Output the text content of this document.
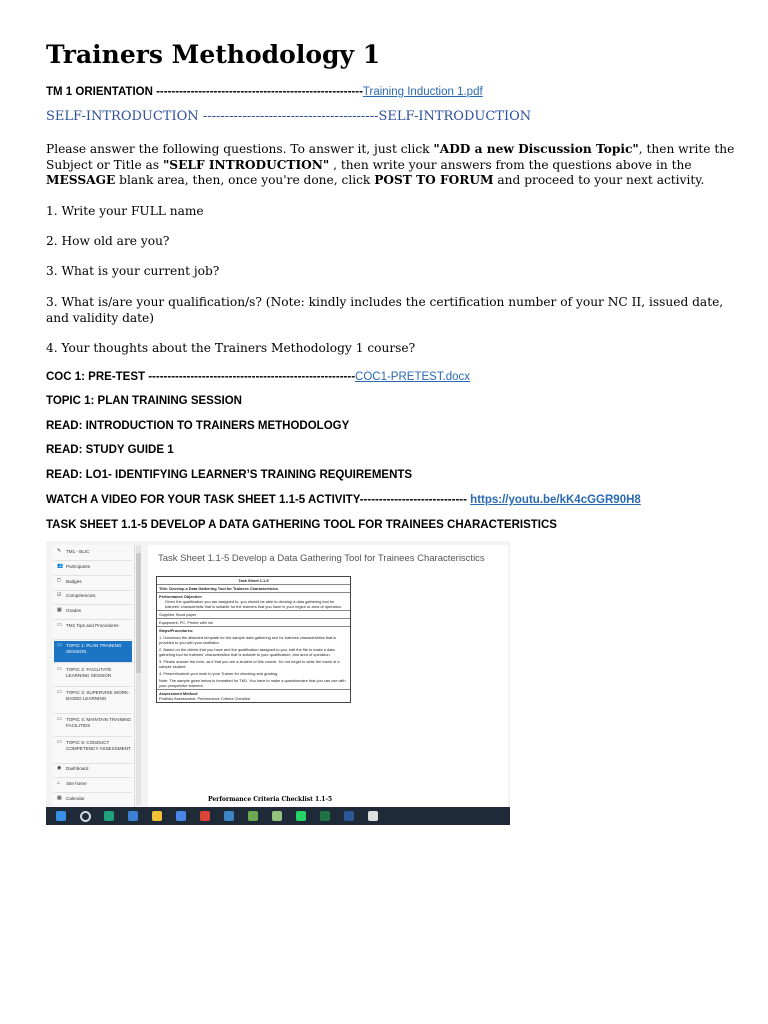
Trainers Methodology 1
TM 1 ORIENTATION ------------------------------------------------------Training Induction 1.pdf
SELF-INTRODUCTION ----------------------------------------SELF-INTRODUCTION
Please answer the following questions. To answer it, just click "ADD a new Discussion Topic", then write the Subject or Title as "SELF INTRODUCTION" , then write your answers from the questions above in the MESSAGE blank area, then, once you're done, click POST TO FORUM and proceed to your next activity.
1. Write your FULL name
2. How old are you?
3. What is your current job?
3. What is/are your qualification/s? (Note: kindly includes the certification number of your NC II, issued date, and validity date)
4. Your thoughts about the Trainers Methodology 1 course?
COC 1: PRE-TEST ------------------------------------------------------COC1-PRETEST.docx
TOPIC 1: PLAN TRAINING SESSION
READ: INTRODUCTION TO TRAINERS METHODOLOGY
READ: STUDY GUIDE 1
READ: LO1- IDENTIFYING LEARNER’S TRAINING REQUIREMENTS
WATCH A VIDEO FOR YOUR TASK SHEET 1.1-5 ACTIVITY---------------------------- https://youtu.be/kK4cGGR90H8
TASK SHEET 1.1-5 DEVELOP A DATA GATHERING TOOL FOR TRAINEES CHARACTERISTICS
✎ TM1 - BLIC
👥 Participants
⛉ Badges
☑ Competencies
▦ Grades
▭ TM1 Tips and Procedures
▭ TOPIC 1: PLAN TRAINING SESSION
▭ TOPIC 2: FACILITATE LEARNING SESSION
▭ TOPIC 3: SUPERVISE WORK-BASED LEARNING
▭ TOPIC 4: MAINTAIN TRAINING FACILITIES
▭ TOPIC 5: CONDUCT COMPETENCY ASSESSMENT
◉ Dashboard
⌂ Site home
▦ Calendar
Task Sheet 1.1-5 Develop a Data Gathering Tool for Trainees Characterisctics
Task Sheet 1.1-5
Title: Develop a Data Gathering Tool for Trainees Characteristics
Performance Objective:
Given the qualification you are assigned to, you should be able to develop a data gathering tool for trainees' characteristic that is suitable for the learners that you have in your region or area of operation.
Supplies: Bond paper
Equipment: PC, Printer with ink
Steps/Procedures:
1. Download the attached template for the sample data gathering tool for trainees characteristics that is provided to you with your facilitator.
2. Based on the clients that you have and the qualification assigned to you, edit the file to make a data gathering tool for trainees' characteristics that is suitable to your qualification, and area of operation.
3. Please answer the form, as if that you are a student of this course. Do not forget to write the name of a sample student.
4. Present/submit your work to your Trainer for checking and grading.
Note: The sample given below is formatted for TM1. You have to make a questionnaire that you can use with your prospective learners.
Assessment Method:
Portfolio Assessment, Performance Criteria Checklist
Performance Criteria Checklist 1.1-5
